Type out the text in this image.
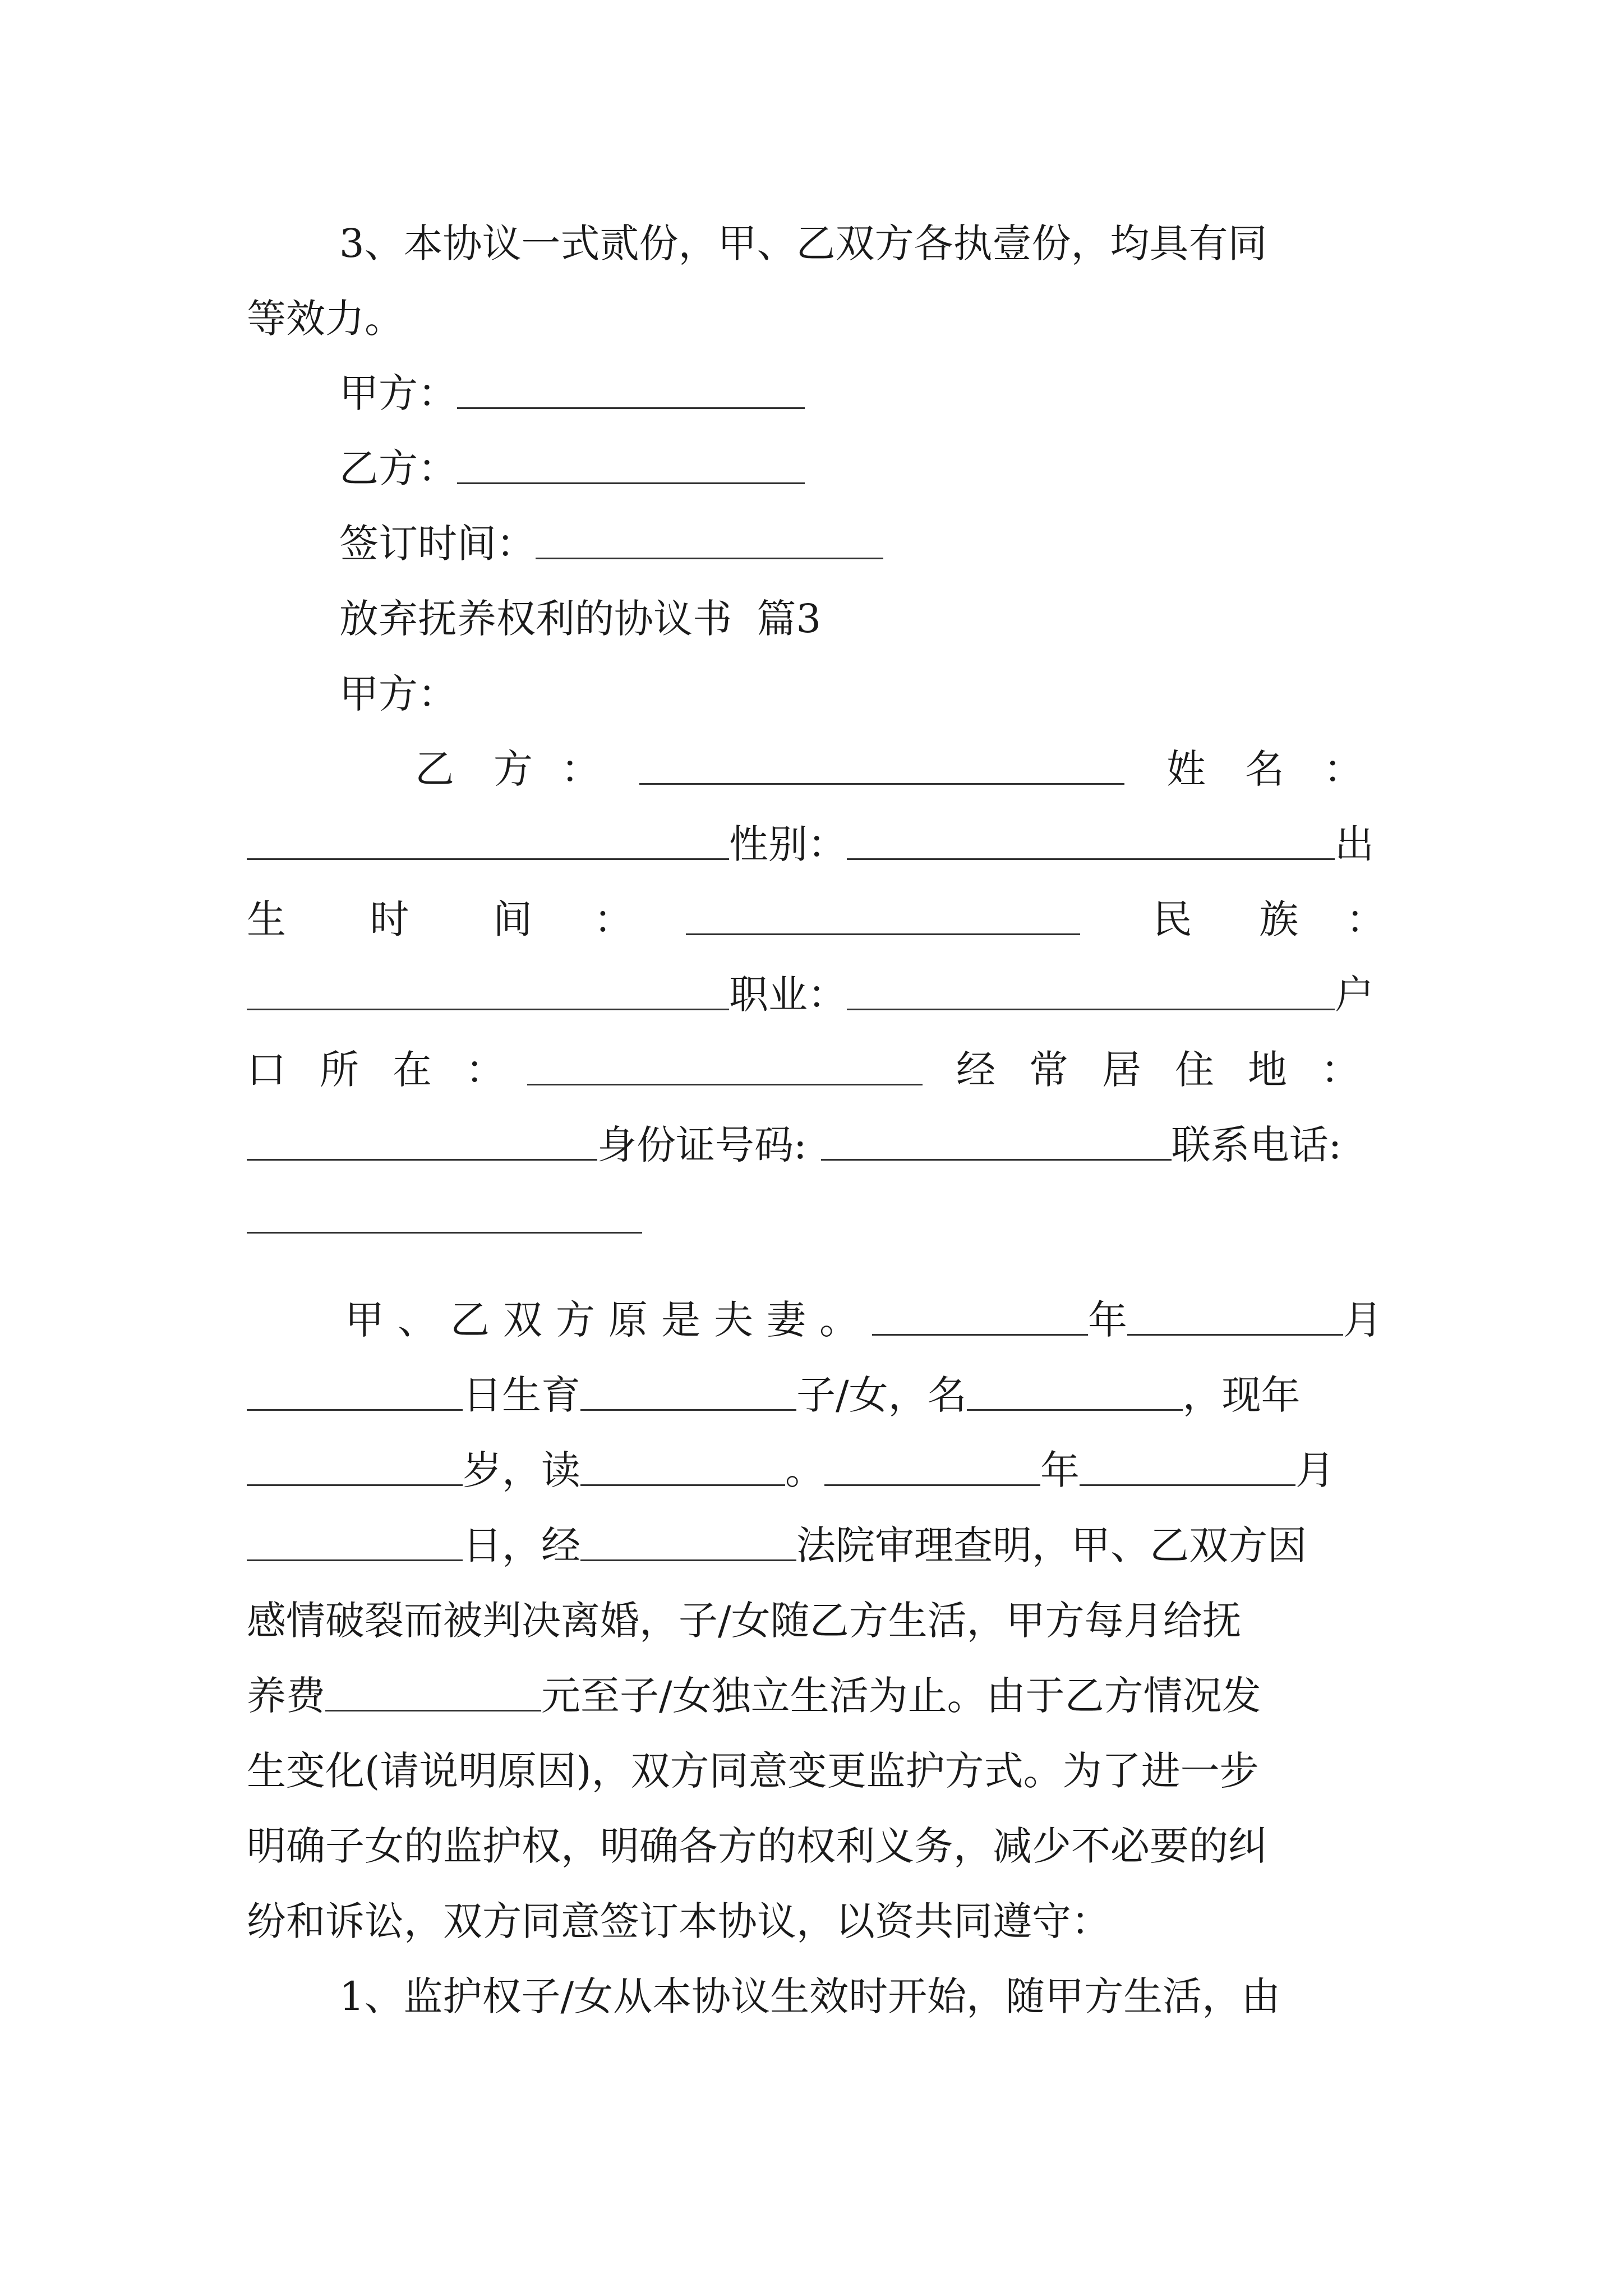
3、本协议一式贰份，甲、乙双方各执壹份，均具有同
等效力。
甲方：
乙方：
签订时间：
放弃抚养权利的协议书  篇3
甲方：
乙 方 ：	姓 名 ：
性别：	出
生 时 间 ：	民 族 ：
职业：	户
口 所 在 ：	经 常 居 住 地 ：
身份证号码:	联系电话:
甲、乙双方原是夫妻。	年	月
日生育	子/女，名	，现年
岁，读	。	年	月
日，经	法院审理查明，甲、乙双方因
感情破裂而被判决离婚，子/女随乙方生活，甲方每月给抚
养费	元至子/女独立生活为止。由于乙方情况发
生变化(请说明原因)，双方同意变更监护方式。为了进一步
明确子女的监护权，明确各方的权利义务，减少不必要的纠
纷和诉讼，双方同意签订本协议，以资共同遵守：
1、监护权子/女从本协议生效时开始，随甲方生活，由
